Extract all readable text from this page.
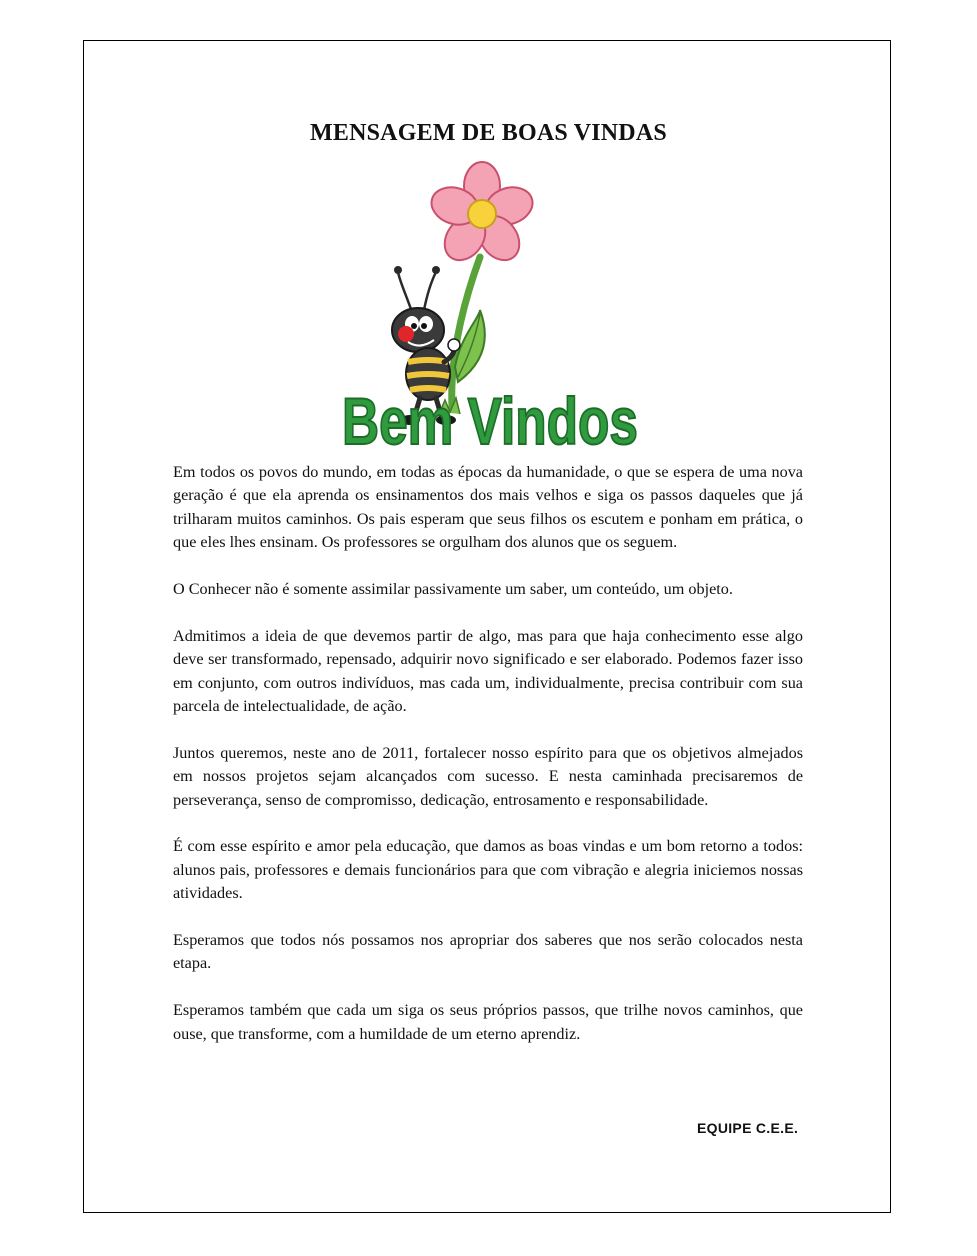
MENSAGEM DE BOAS VINDAS
Bem Vindos

Em todos os povos do mundo, em todas as épocas da humanidade, o que se espera de uma nova geração é que ela aprenda os ensinamentos dos mais velhos e siga os passos daqueles que já trilharam muitos caminhos. Os pais esperam que seus filhos os escutem e ponham em prática, o que eles lhes ensinam. Os professores se orgulham dos alunos que os seguem.

O Conhecer não é somente assimilar passivamente um saber, um conteúdo, um objeto.

Admitimos a ideia de que devemos partir de algo, mas para que haja conhecimento esse algo deve ser transformado, repensado, adquirir novo significado e ser elaborado. Podemos fazer isso em conjunto, com outros indivíduos, mas cada um, individualmente, precisa contribuir com sua parcela de intelectualidade, de ação.

Juntos queremos, neste ano de 2011, fortalecer nosso espírito para que os objetivos almejados em nossos projetos sejam alcançados com sucesso. E nesta caminhada precisaremos de perseverança, senso de compromisso, dedicação, entrosamento e responsabilidade.

É com esse espírito e amor pela educação, que damos as boas vindas e um bom retorno a todos: alunos pais, professores e demais funcionários para que com vibração e alegria iniciemos nossas atividades.

Esperamos que todos nós possamos nos apropriar dos saberes que nos serão colocados nesta etapa.

Esperamos também que cada um siga os seus próprios passos, que trilhe novos caminhos, que ouse, que transforme, com a humildade de um eterno aprendiz.

EQUIPE C.E.E.
